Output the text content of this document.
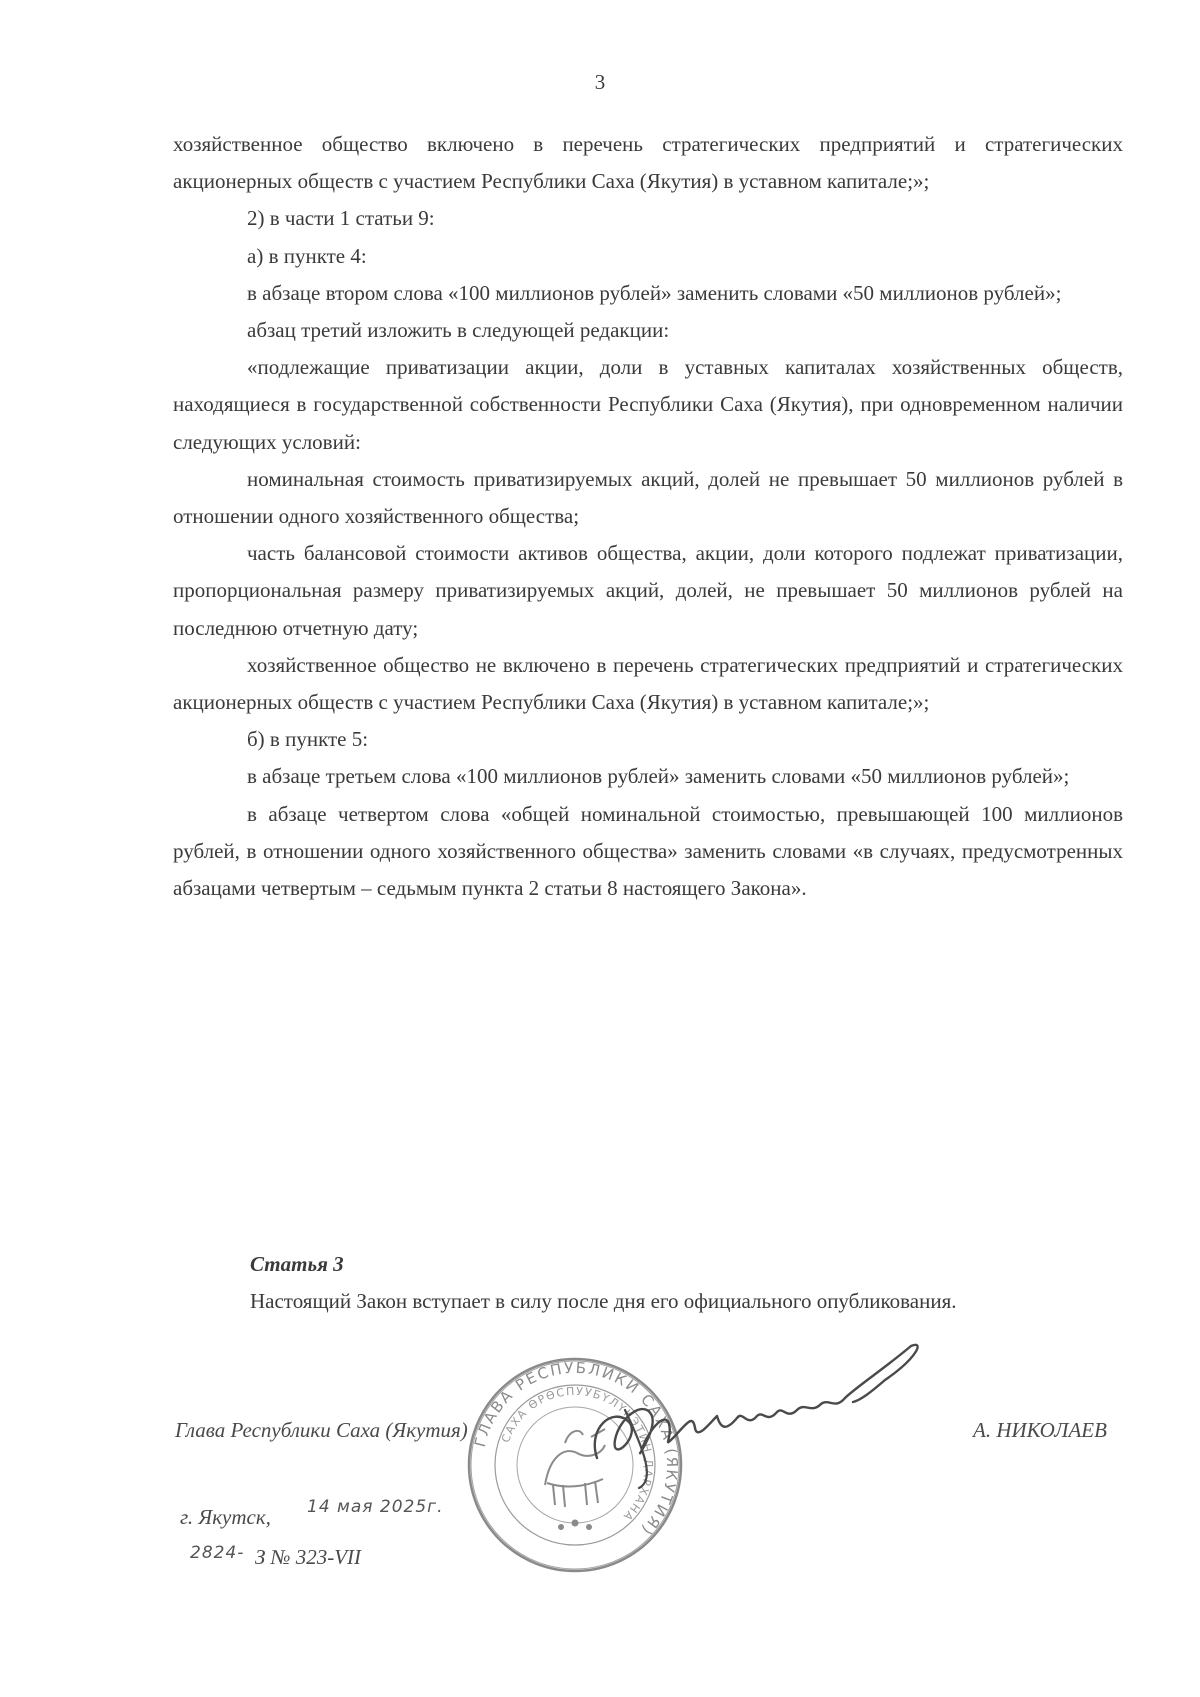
3

хозяйственное общество включено в перечень стратегических предприятий и стратегических акционерных обществ с участием Республики Саха (Якутия) в уставном капитале;»;

2) в части 1 статьи 9:

а) в пункте 4:

в абзаце втором слова «100 миллионов рублей» заменить словами «50 миллионов рублей»;

абзац третий изложить в следующей редакции:

«подлежащие приватизации акции, доли в уставных капиталах хозяйственных обществ, находящиеся в государственной собственности Республики Саха (Якутия), при одновременном наличии следующих условий:

номинальная стоимость приватизируемых акций, долей не превышает 50 миллионов рублей в отношении одного хозяйственного общества;

часть балансовой стоимости активов общества, акции, доли которого подлежат приватизации, пропорциональная размеру приватизируемых акций, долей, не превышает 50 миллионов рублей на последнюю отчетную дату;

хозяйственное общество не включено в перечень стратегических предприятий и стратегических акционерных обществ с участием Республики Саха (Якутия) в уставном капитале;»;

б) в пункте 5:

в абзаце третьем слова «100 миллионов рублей» заменить словами «50 миллионов рублей»;

в абзаце четвертом слова «общей номинальной стоимостью, превышающей 100 миллионов рублей, в отношении одного хозяйственного общества» заменить словами «в случаях, предусмотренных абзацами четвертым – седьмым пункта 2 статьи 8 настоящего Закона».

Статья 3

Настоящий Закон вступает в силу после дня его официального опубликования.

Глава Республики Саха (Якутия)	А. НИКОЛАЕВ
г. Якутск, 14 мая 2025г.
2824- З № 323-VII
ГЛАВА РЕСПУБЛИКИ САХА (ЯКУТИЯ)
САХА ӨРӨСПУУБҮЛҮКЭТИН ДАРХАНА
